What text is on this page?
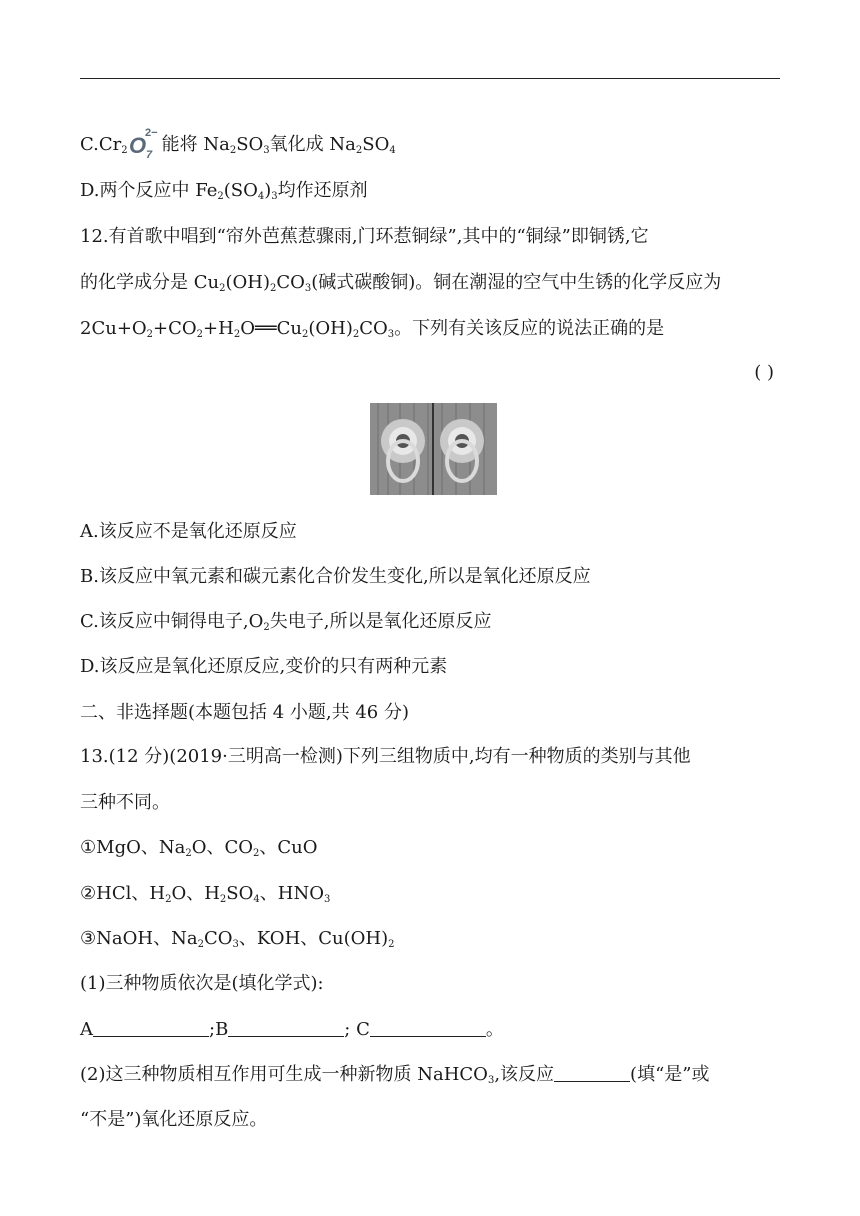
$C.Cr_2$ O 7
2−
能将 $Na_2SO_3$氧化成 $Na_2SO_4$
D.两个反应中 $Fe_2(SO_4)_3$均作还原剂
12.有首歌中唱到“帘外芭蕉惹骤雨,门环惹铜绿”,其中的“铜绿”即铜锈,它
的化学成分是 $Cu_2(OH)_2CO_3$(碱式碳酸铜)。铜在潮湿的空气中生锈的化学反应为
$2Cu+O_2+CO_2+H_2O══Cu_2(OH)_2CO_3$。下列有关该反应的说法正确的是
( )
A.该反应不是氧化还原反应
B.该反应中氧元素和碳元素化合价发生变化,所以是氧化还原反应
C.该反应中铜得电子$,O_2$失电子,所以是氧化还原反应
D.该反应是氧化还原反应,变价的只有两种元素
二、非选择题(本题包括 4 小题,共 46 分)
13.(12 分)(2019·三明高一检测)下列三组物质中,均有一种物质的类别与其他
三种不同。
①MgO、$Na_2O$、$CO_2$、CuO
②HCl、$H_2O$、$H_2SO_4$、$HNO_3$
③NaOH、$Na_2CO_3$、KOH、$Cu(OH)_2$
(1)三种物质依次是(填化学式):
A	;B	; C	。
(2)这三种物质相互作用可生成一种新物质 NaHCO$_3$,该反应	(填“是”或
“不是”)氧化还原反应。
